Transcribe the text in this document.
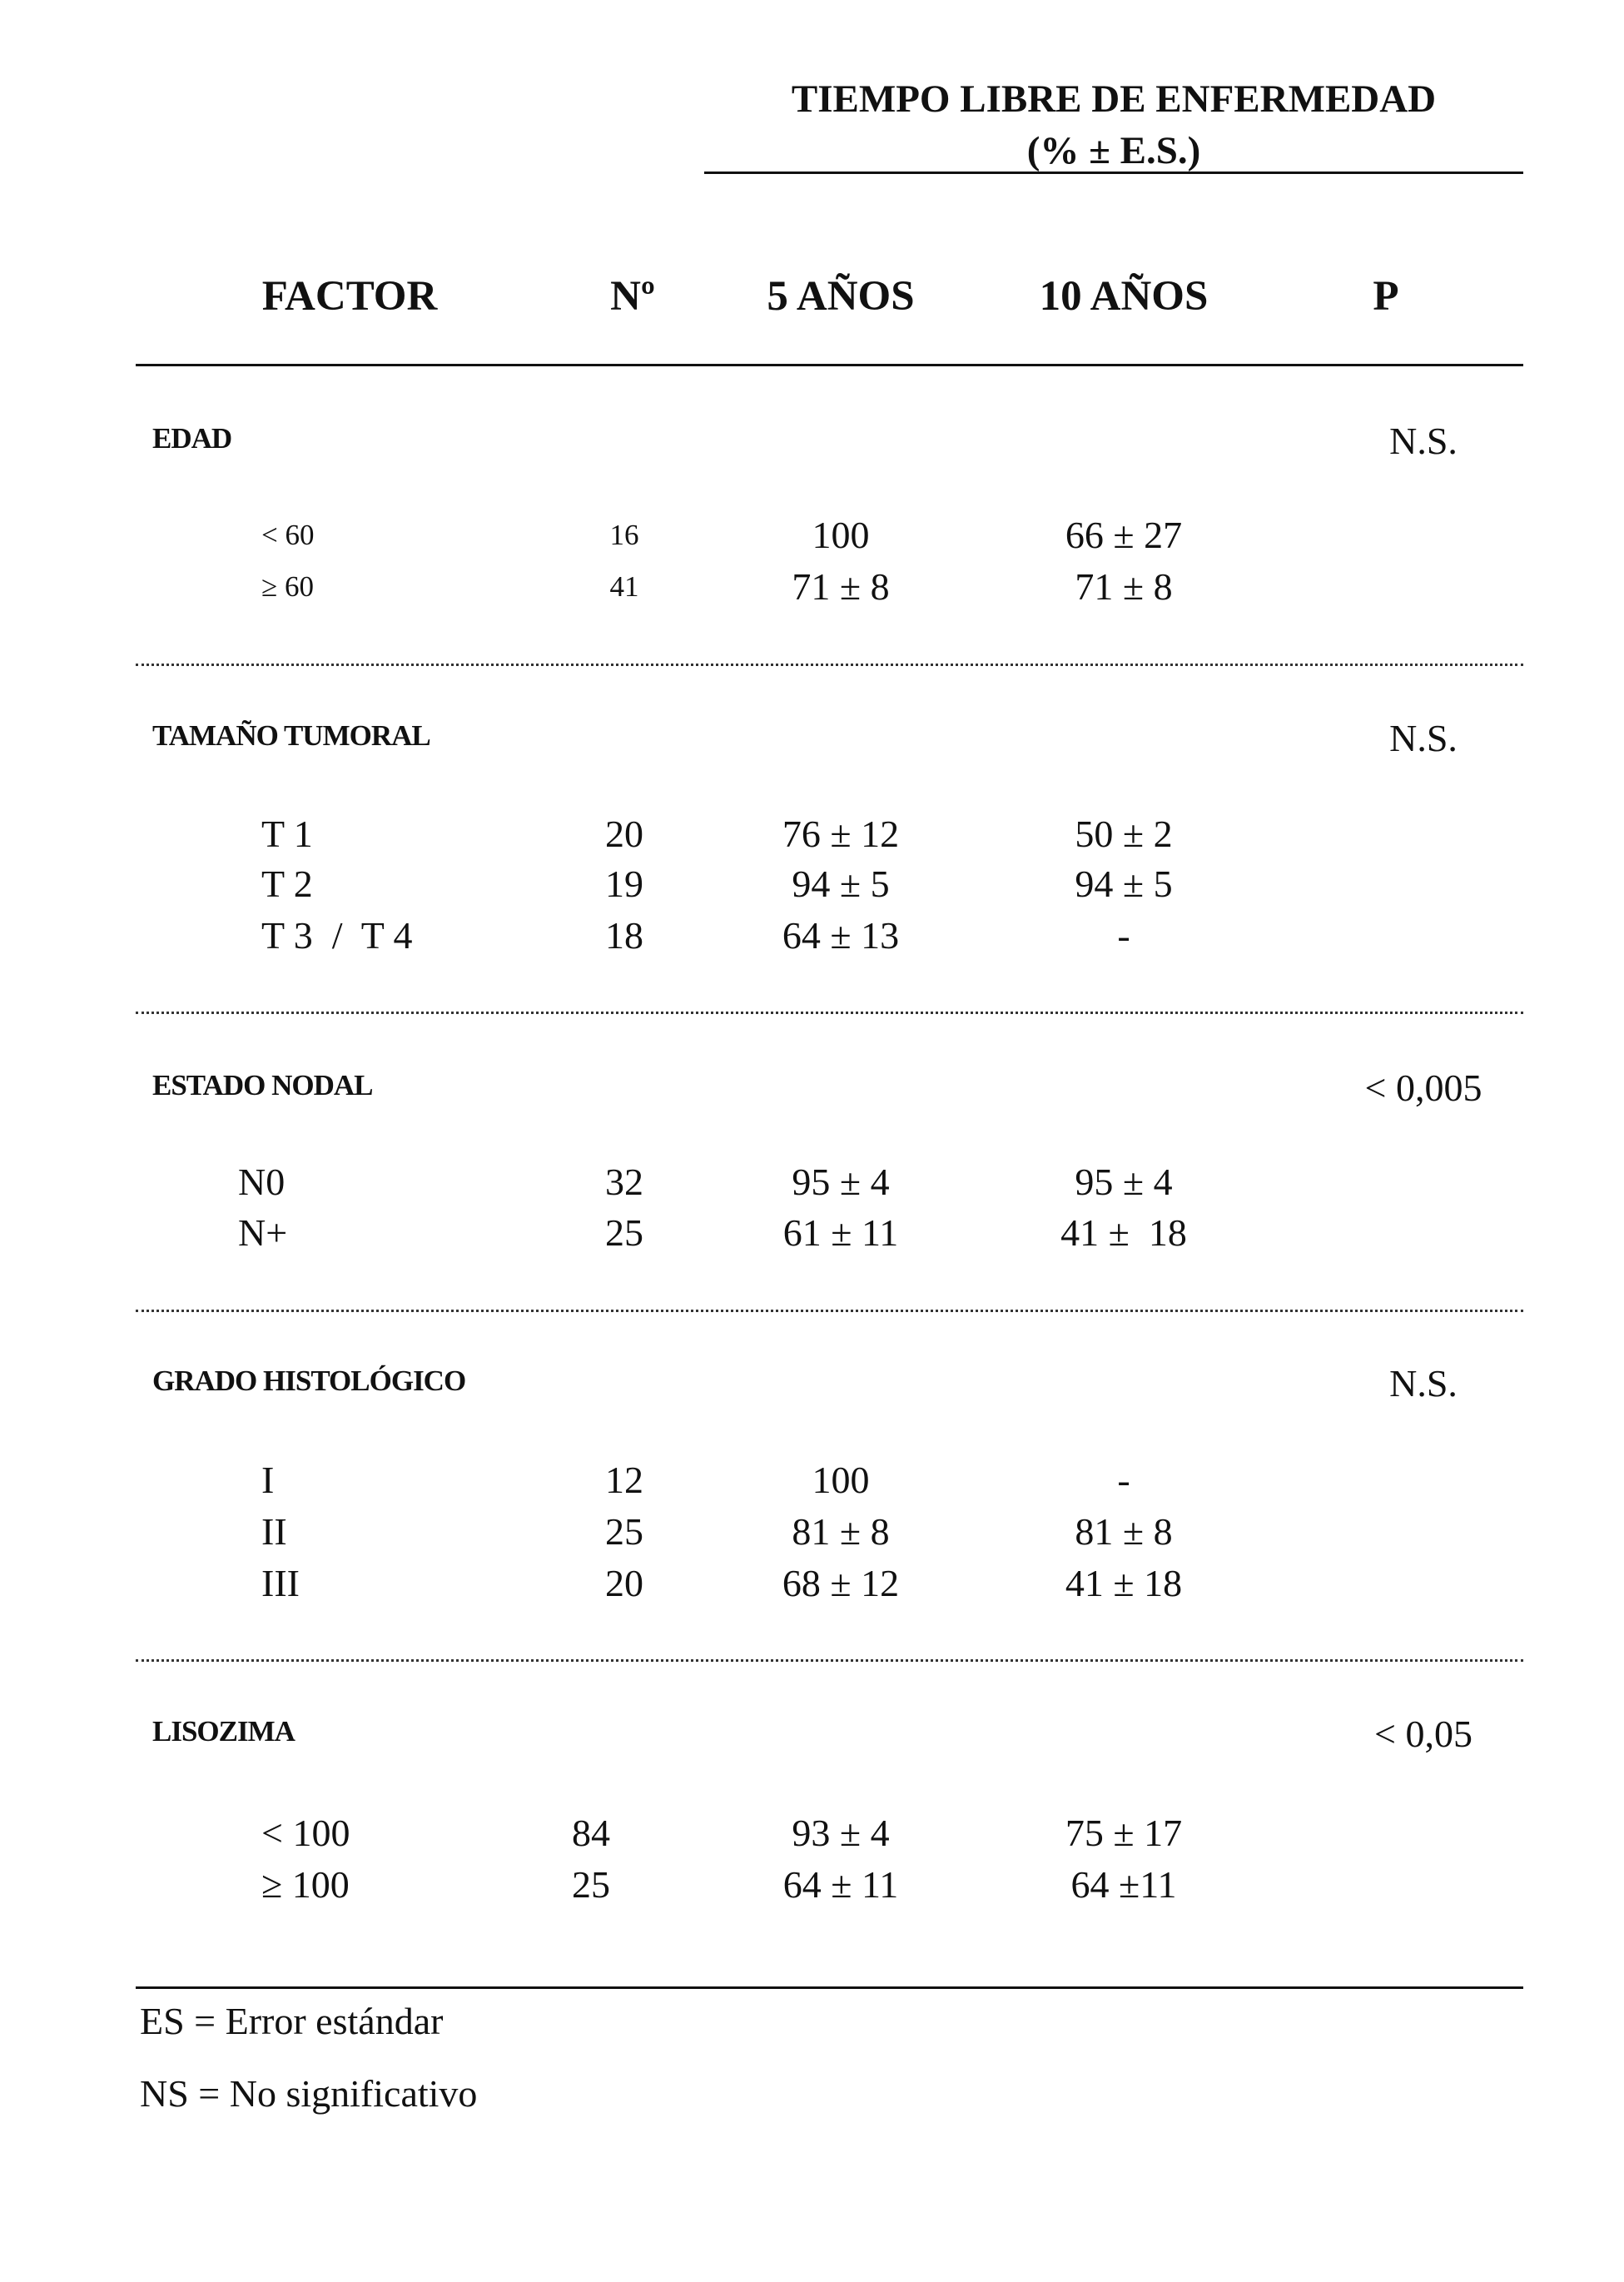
TIEMPO LIBRE DE ENFERMEDAD
(% ± E.S.)
FACTOR	Nº	5 AÑOS	10 AÑOS	P
EDAD	N.S.
< 60	16	100	66 ± 27
≥ 60	41	71 ± 8	71 ± 8
TAMAÑO TUMORAL	N.S.
T 1	20	76 ± 12	50 ± 2
T 2	19	94 ± 5	94 ± 5
T 3  /  T 4	18	64 ± 13	-
ESTADO NODAL	< 0,005
N0	32	95 ± 4	95 ± 4
N+	25	61 ± 11	41 ±  18
GRADO HISTOLÓGICO	N.S.
I	12	100	-
II	25	81 ± 8	81 ± 8
III	20	68 ± 12	41 ± 18
LISOZIMA	< 0,05
< 100	84	93 ± 4	75 ± 17
≥ 100	25	64 ± 11	64 ±11
ES = Error estándar
NS = No significativo
